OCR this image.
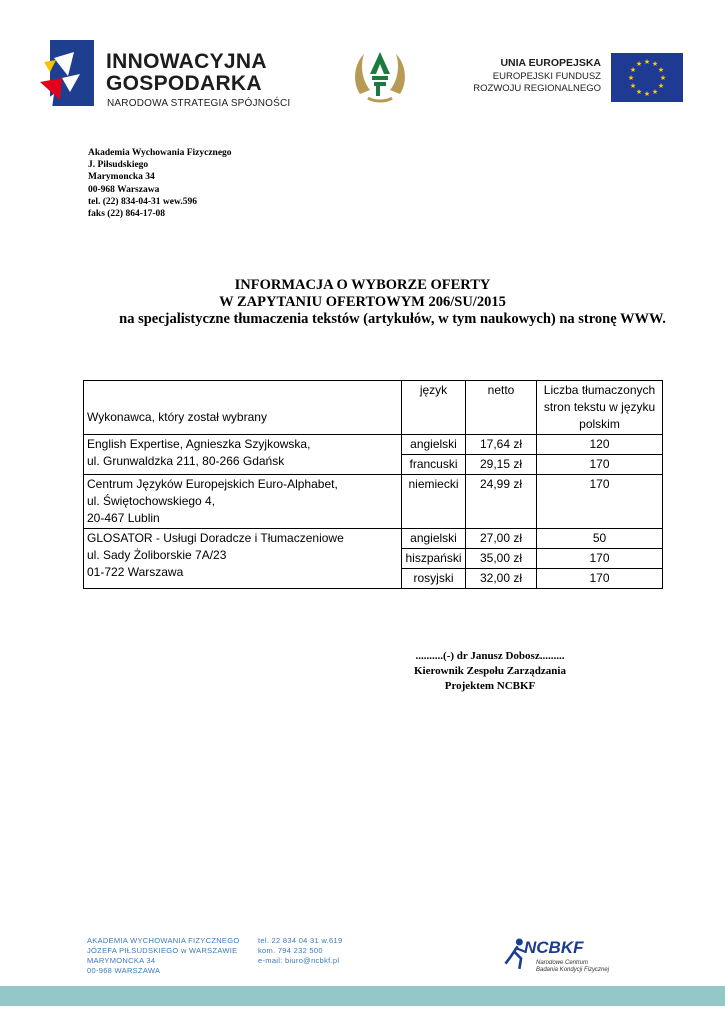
INNOWACYJNA
GOSPODARKA
NARODOWA STRATEGIA SPÓJNOŚCI
UNIA EUROPEJSKA
EUROPEJSKI FUNDUSZ
ROZWOJU REGIONALNEGO
★ ★
★
★
★
★
★
★
★
★
★
★
Akademia Wychowania Fizycznego
J. Piłsudskiego
Marymoncka 34
00-968 Warszawa
tel. (22) 834-04-31 wew.596
faks (22) 864-17-08
INFORMACJA O WYBORZE OFERTY
W ZAPYTANIU OFERTOWYM 206/SU/2015
na specjalistyczne tłumaczenia tekstów (artykułów, w tym naukowych) na stronę WWW.
Wykonawca, który został wybrany	język	netto	Liczba tłumaczonych stron tekstu w języku polskim

English Expertise, Agnieszka Szyjkowska,
ul. Grunwaldzka 211, 80-266 Gdańsk	angielski	17,64 zł	120
	francuski	29,15 zł	170

Centrum Języków Europejskich Euro-Alphabet,
ul. Świętochowskiego 4,
20-467 Lublin	niemiecki	24,99 zł	170

GLOSATOR - Usługi Doradcze i Tłumaczeniowe
ul. Sady Żoliborskie 7A/23
01-722 Warszawa	angielski	27,00 zł	50
	hiszpański	35,00 zł	170
	rosyjski	32,00 zł	170
..........(-) dr Janusz Dobosz.........
Kierownik Zespołu Zarządzania
Projektem NCBKF
AKADEMIA WYCHOWANIA FIZYCZNEGO
JÓZEFA PIŁSUDSKIEGO w WARSZAWIE
MARYMONCKA 34
00-968 WARSZAWA
tel. 22 834 04 31 w.619
kom. 794 232 500
e-mail: biuro@ncbkf.pl
NCBKF
Narodowe Centrum
Badania Kondycji Fizycznej
